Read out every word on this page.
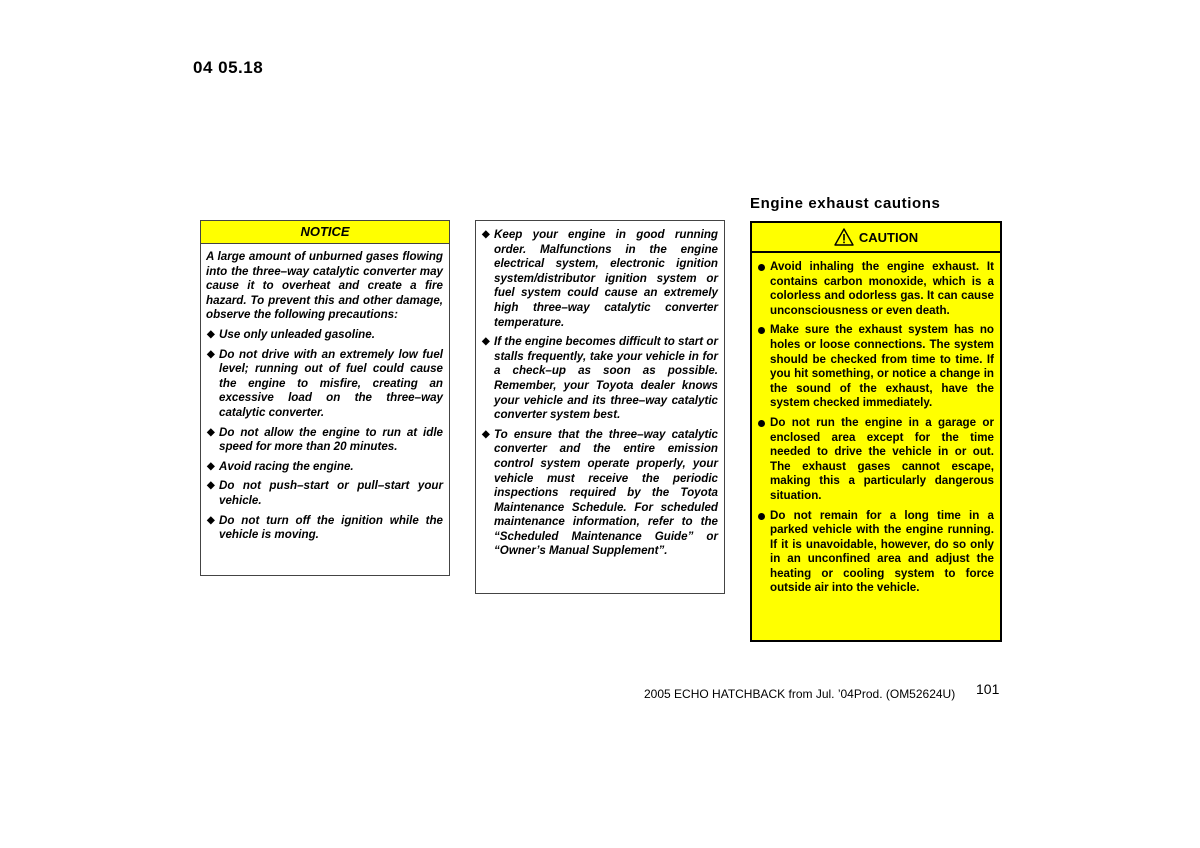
04 05.18
NOTICE

A large amount of unburned gases flowing into the three–way catalytic converter may cause it to overheat and create a fire hazard. To prevent this and other damage, observe the following precautions:

◆ Use only unleaded gasoline.
◆ Do not drive with an extremely low fuel level; running out of fuel could cause the engine to misfire, creating an excessive load on the three–way catalytic converter.
◆ Do not allow the engine to run at idle speed for more than 20 minutes.
◆ Avoid racing the engine.
◆ Do not push–start or pull–start your vehicle.
◆ Do not turn off the ignition while the vehicle is moving.
◆ Keep your engine in good running order. Malfunctions in the engine electrical system, electronic ignition system/distributor ignition system or fuel system could cause an extremely high three–way catalytic converter temperature.
◆ If the engine becomes difficult to start or stalls frequently, take your vehicle in for a check–up as soon as possible. Remember, your Toyota dealer knows your vehicle and its three–way catalytic converter system best.
◆ To ensure that the three–way catalytic converter and the entire emission control system operate properly, your vehicle must receive the periodic inspections required by the Toyota Maintenance Schedule. For scheduled maintenance information, refer to the “Scheduled Maintenance Guide” or “Owner’s Manual Supplement”.
Engine exhaust cautions
CAUTION
Avoid inhaling the engine exhaust. It contains carbon monoxide, which is a colorless and odorless gas. It can cause unconsciousness or even death.
Make sure the exhaust system has no holes or loose connections. The system should be checked from time to time. If you hit something, or notice a change in the sound of the exhaust, have the system checked immediately.
Do not run the engine in a garage or enclosed area except for the time needed to drive the vehicle in or out. The exhaust gases cannot escape, making this a particularly dangerous situation.
Do not remain for a long time in a parked vehicle with the engine running. If it is unavoidable, however, do so only in an unconfined area and adjust the heating or cooling system to force outside air into the vehicle.
2005 ECHO HATCHBACK from Jul. ’04Prod. (OM52624U) 101
